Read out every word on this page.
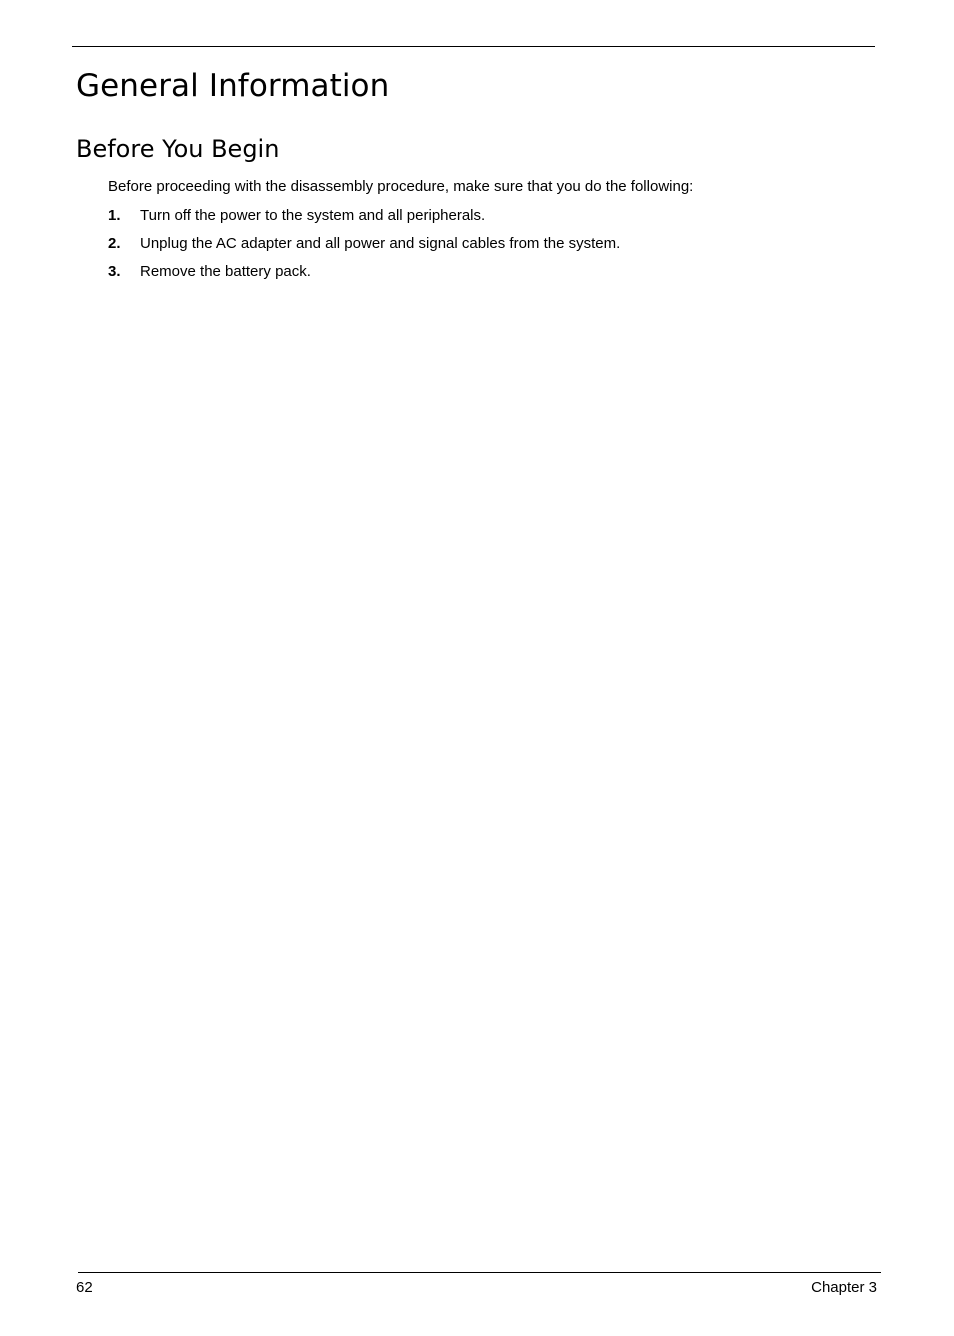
General Information
Before You Begin

Before proceeding with the disassembly procedure, make sure that you do the following:

1. Turn off the power to the system and all peripherals.
2. Unplug the AC adapter and all power and signal cables from the system.
3. Remove the battery pack.
62	Chapter 3
